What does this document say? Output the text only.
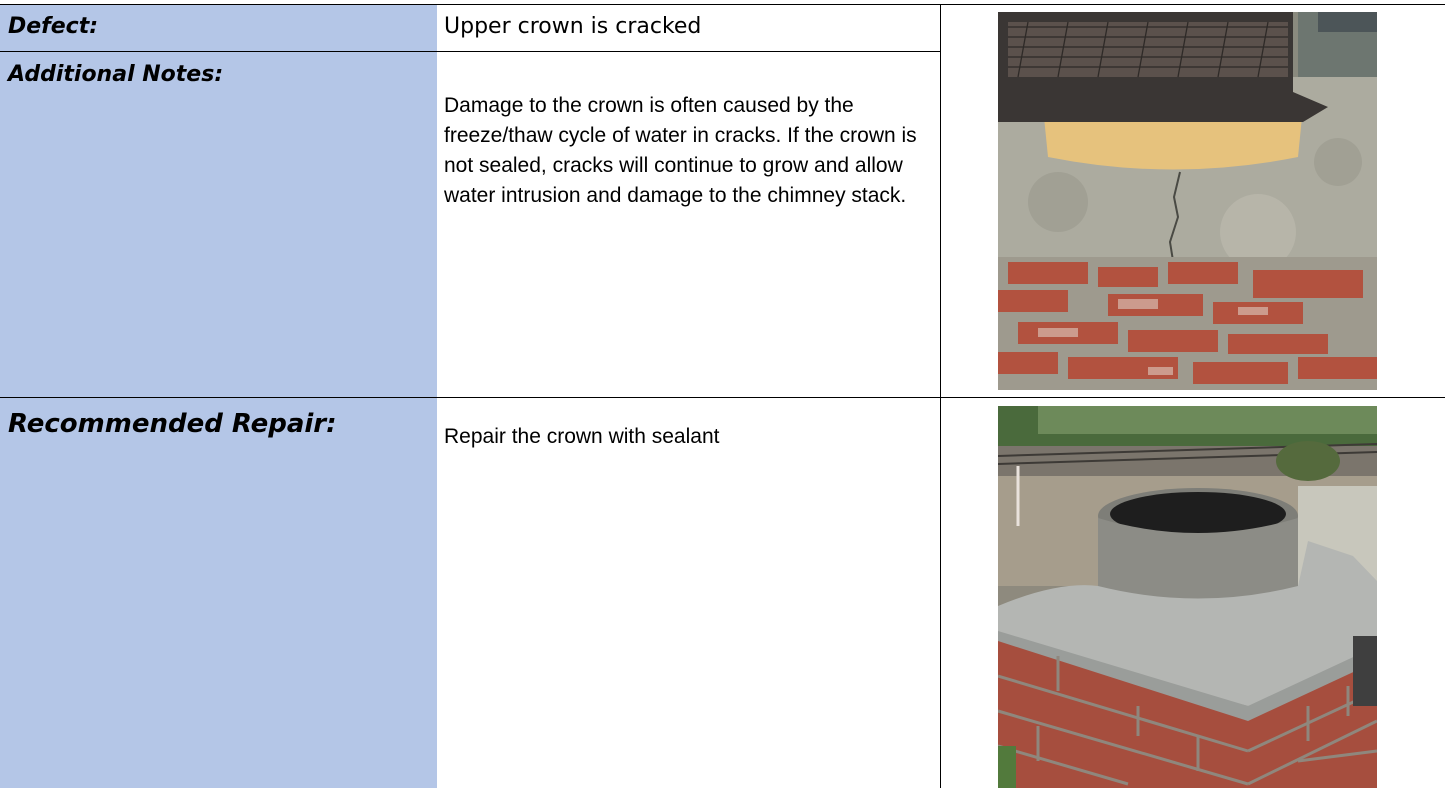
Defect:
Additional Notes:
Recommended Repair:
Upper crown is cracked
Damage to the crown is often caused by the freeze/thaw cycle of water in cracks. If the crown is not sealed, cracks will continue to grow and allow water intrusion and damage to the chimney stack.
Repair the crown with sealant
